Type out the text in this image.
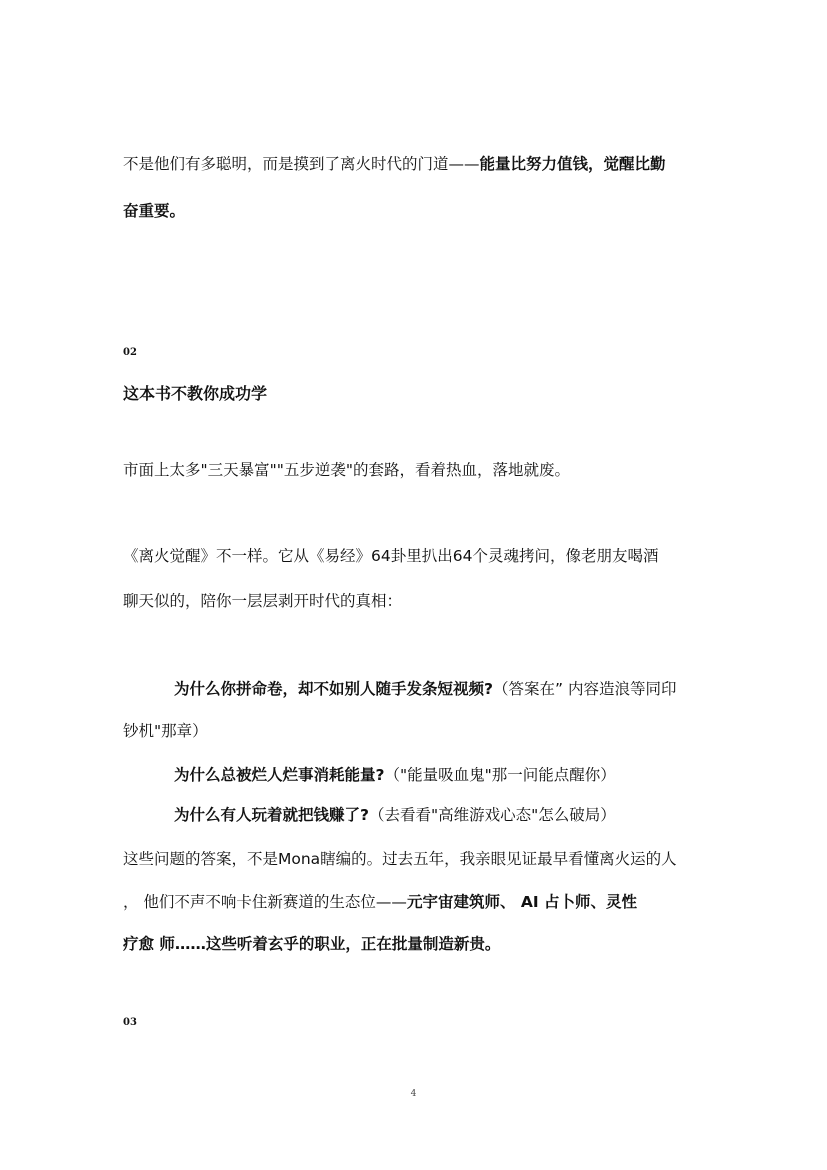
不是他们有多聪明，而是摸到了离火时代的门道——能量比努力值钱，觉醒比勤
奋重要。
02
这本书不教你成功学
市面上太多"三天暴富""五步逆袭"的套路，看着热血，落地就废。
《离火觉醒》不一样。它从《易经》64卦里扒出64个灵魂拷问，像老朋友喝酒
聊天似的，陪你一层层剥开时代的真相：
为什么你拼命卷，却不如别人随手发条短视频?（答案在” 内容造浪等同印
钞机"那章）
为什么总被烂人烂事消耗能量?（"能量吸血鬼"那一问能点醒你）
为什么有人玩着就把钱赚了?（去看看"高维游戏心态"怎么破局）
这些问题的答案，不是Mona瞎编的。过去五年，我亲眼见证最早看懂离火运的人
， 他们不声不响卡住新赛道的生态位——元宇宙建筑师、 AI 占卜师、灵性
疗愈 师……这些听着玄乎的职业，正在批量制造新贵。
03
4
